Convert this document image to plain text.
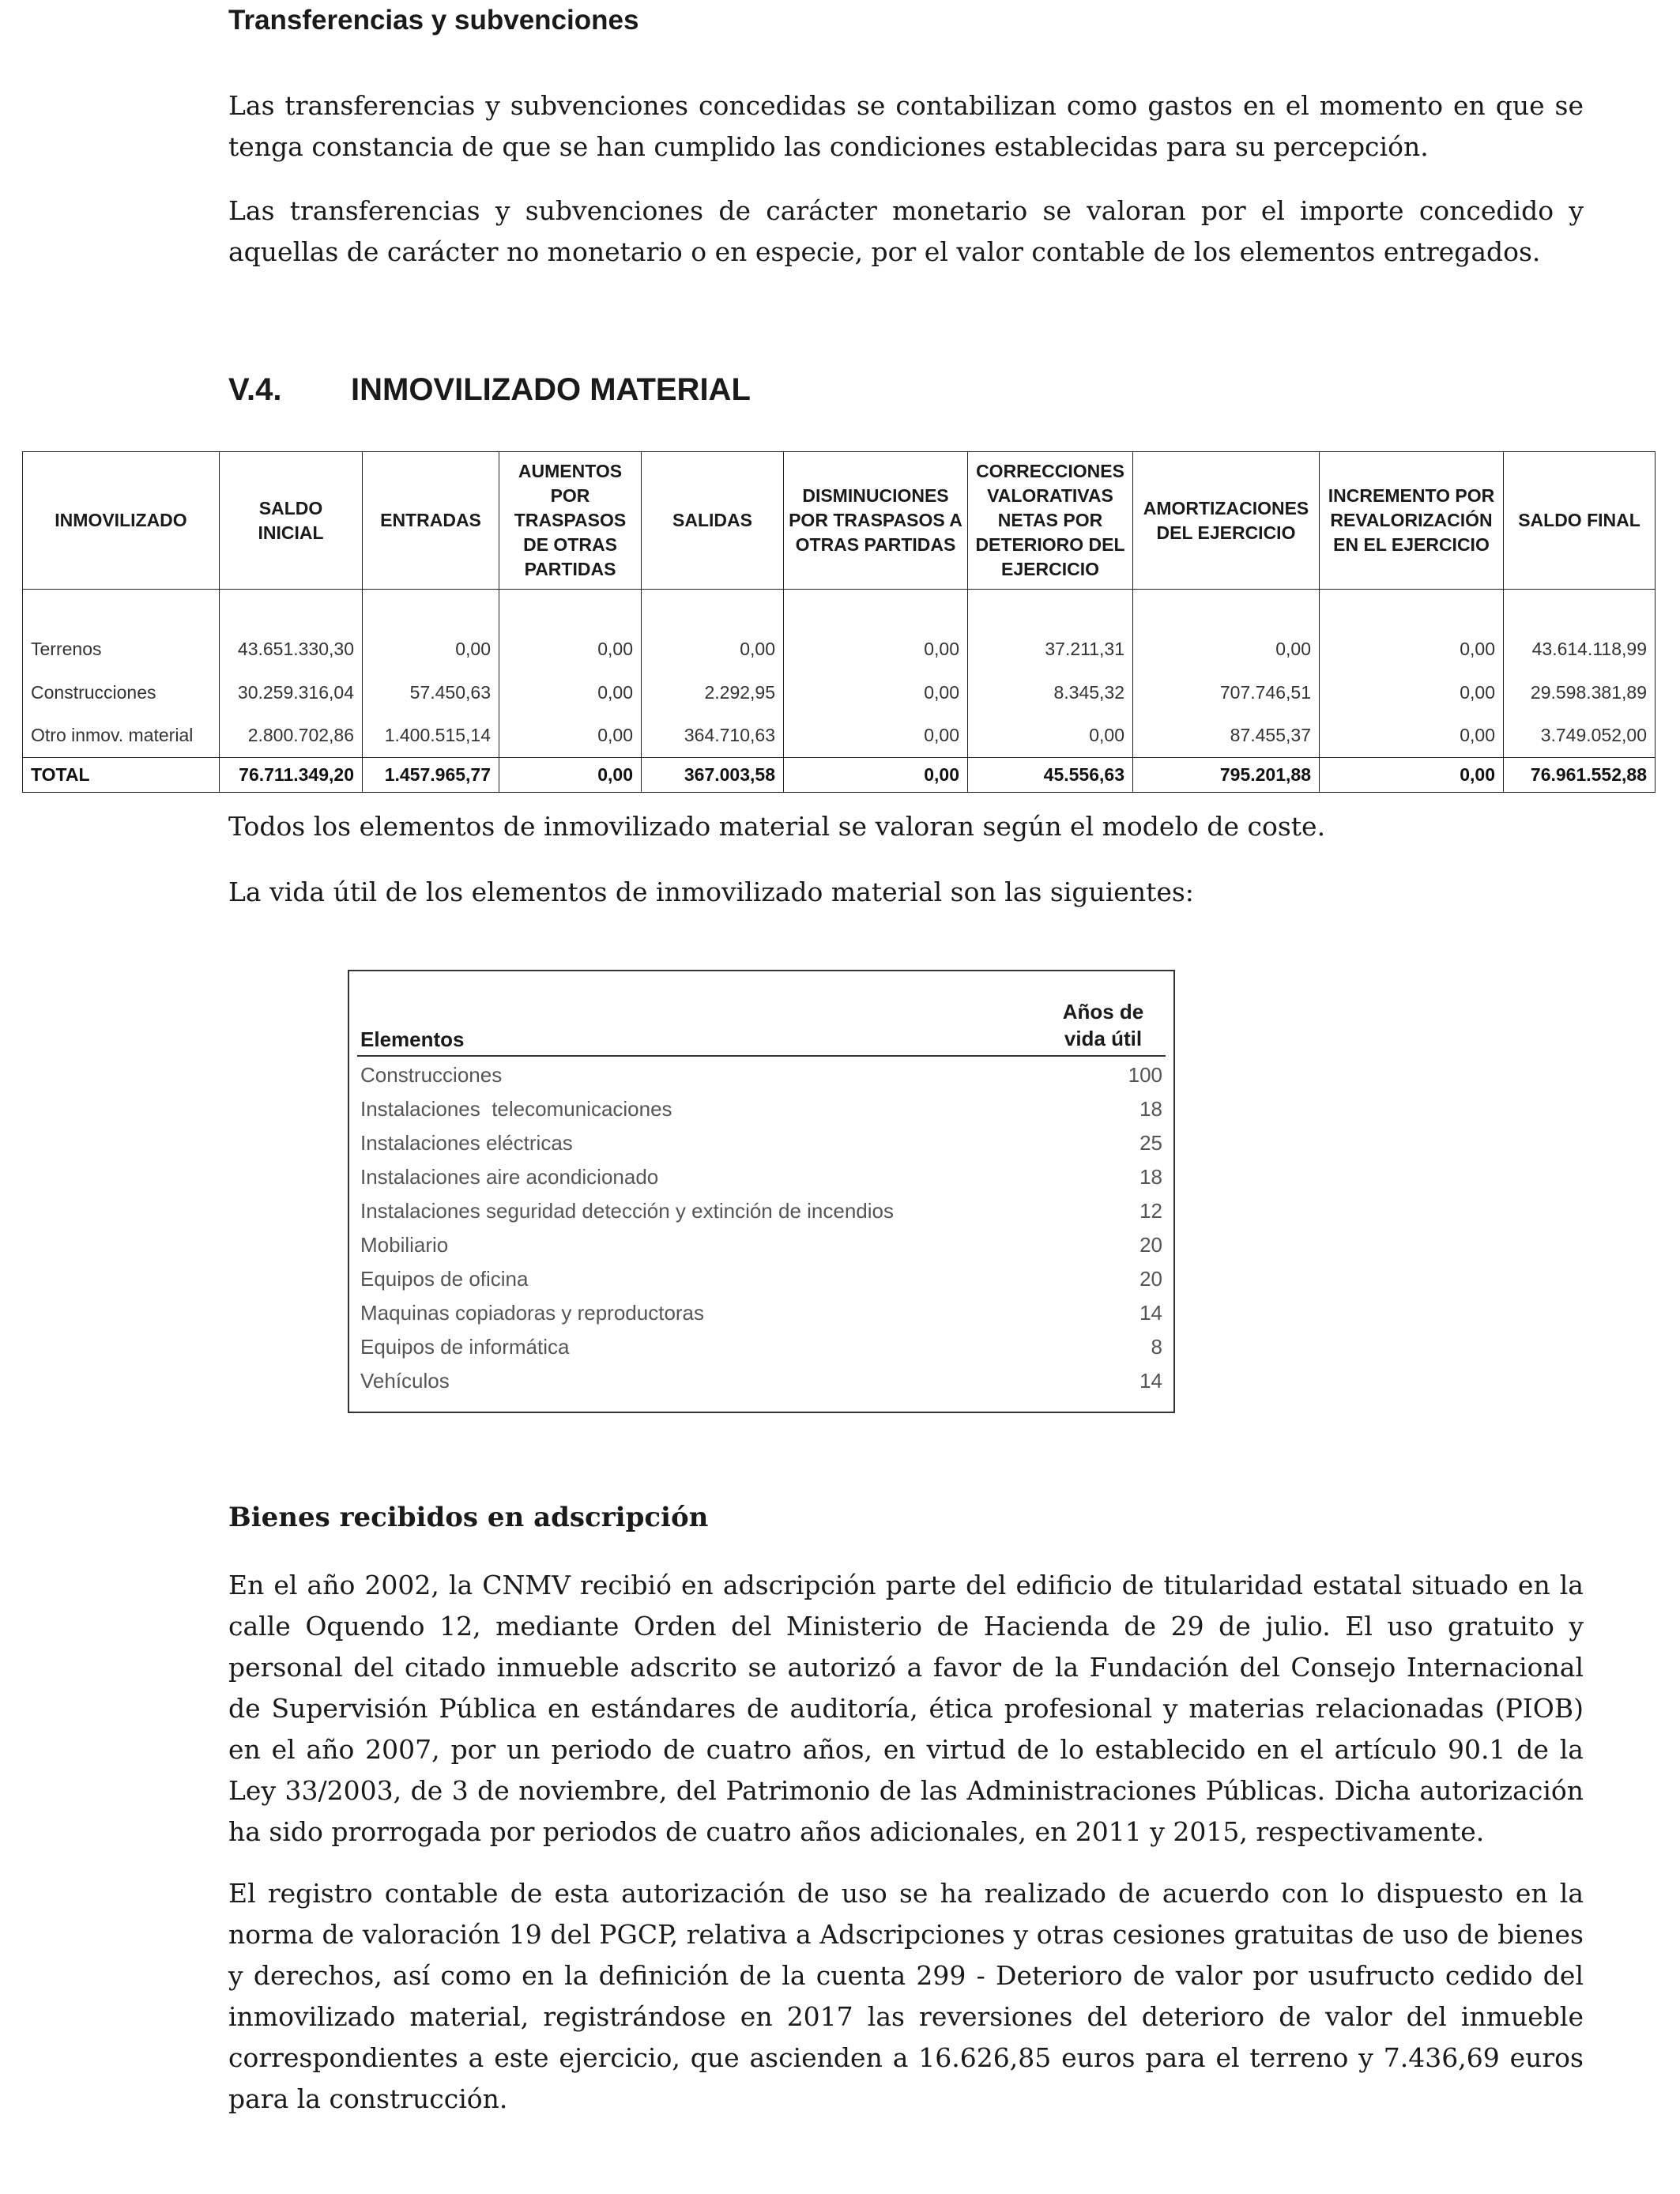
Transferencias y subvenciones

Las transferencias y subvenciones concedidas se contabilizan como gastos en el momento en que se tenga constancia de que se han cumplido las condiciones establecidas para su percepción.

Las transferencias y subvenciones de carácter monetario se valoran por el importe concedido y aquellas de carácter no monetario o en especie, por el valor contable de los elementos entregados.

V.4. INMOVILIZADO MATERIAL
INMOVILIZADO	SALDO INICIAL	ENTRADAS	AUMENTOS POR TRASPASOS DE OTRAS PARTIDAS	SALIDAS	DISMINUCIONES POR TRASPASOS A OTRAS PARTIDAS	CORRECCIONES VALORATIVAS NETAS POR DETERIORO DEL EJERCICIO	AMORTIZACIONES DEL EJERCICIO	INCREMENTO POR REVALORIZACIÓN EN EL EJERCICIO	SALDO FINAL

Terrenos	43.651.330,30	0,00	0,00	0,00	0,00	37.211,31	0,00	0,00	43.614.118,99
Construcciones	30.259.316,04	57.450,63	0,00	2.292,95	0,00	8.345,32	707.746,51	0,00	29.598.381,89
Otro inmov. material	2.800.702,86	1.400.515,14	0,00	364.710,63	0,00	0,00	87.455,37	0,00	3.749.052,00
TOTAL	76.711.349,20	1.457.965,77	0,00	367.003,58	0,00	45.556,63	795.201,88	0,00	76.961.552,88

Todos los elementos de inmovilizado material se valoran según el modelo de coste.

La vida útil de los elementos de inmovilizado material son las siguientes:

Elementos
Años de vida útil
Construcciones	100
Instalaciones  telecomunicaciones	18
Instalaciones eléctricas	25
Instalaciones aire acondicionado	18
Instalaciones seguridad detección y extinción de incendios	12
Mobiliario	20
Equipos de oficina	20
Maquinas copiadoras y reproductoras	14
Equipos de informática	8
Vehículos	14
Bienes recibidos en adscripción

En el año 2002, la CNMV recibió en adscripción parte del edificio de titularidad estatal situado en la calle Oquendo 12, mediante Orden del Ministerio de Hacienda de 29 de julio. El uso gratuito y personal del citado inmueble adscrito se autorizó a favor de la Fundación del Consejo Internacional de Supervisión Pública en estándares de auditoría, ética profesional y materias relacionadas (PIOB) en el año 2007, por un periodo de cuatro años, en virtud de lo establecido en el artículo 90.1 de la Ley 33/2003, de 3 de noviembre, del Patrimonio de las Administraciones Públicas. Dicha autorización ha sido prorrogada por periodos de cuatro años adicionales, en 2011 y 2015, respectivamente.

El registro contable de esta autorización de uso se ha realizado de acuerdo con lo dispuesto en la norma de valoración 19 del PGCP, relativa a Adscripciones y otras cesiones gratuitas de uso de bienes y derechos, así como en la definición de la cuenta 299 - Deterioro de valor por usufructo cedido del inmovilizado material, registrándose en 2017 las reversiones del deterioro de valor del inmueble correspondientes a este ejercicio, que ascienden a 16.626,85 euros para el terreno y 7.436,69 euros para la construcción.
